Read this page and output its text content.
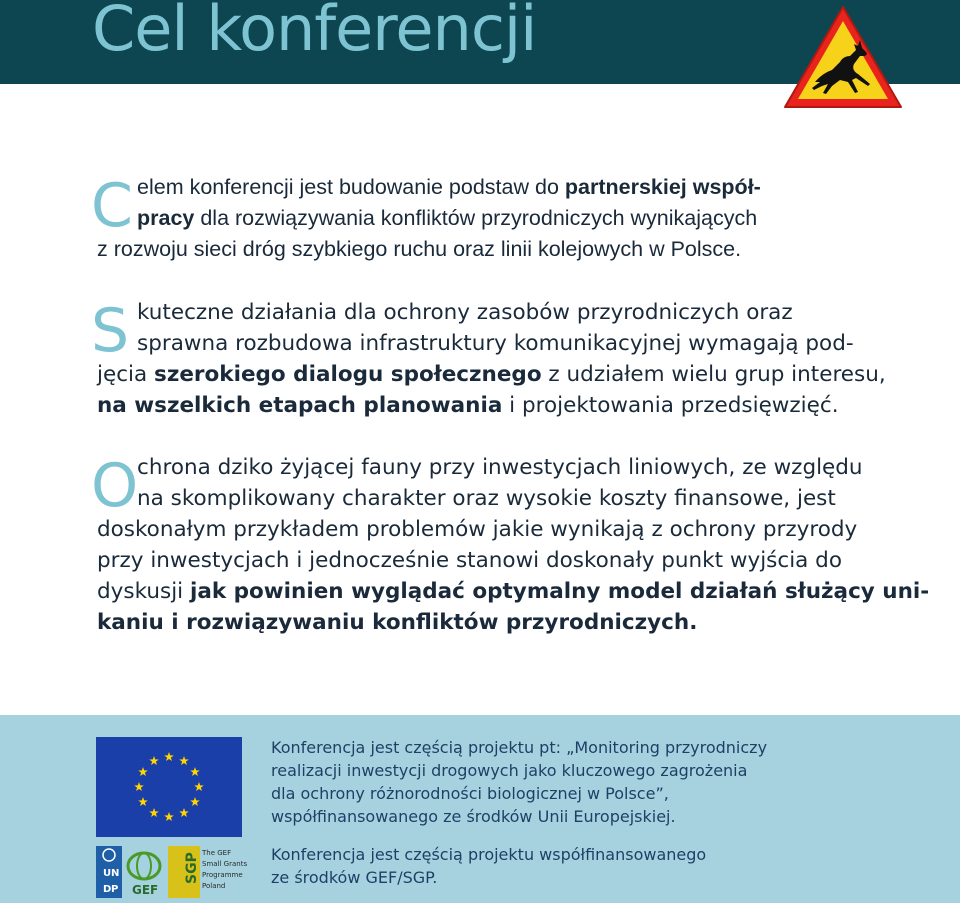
Cel konferencji
C elem konferencji jest budowanie podstaw do partnerskiej współ-
pracy dla rozwiązywania konfliktów przyrodniczych wynikających
z rozwoju sieci dróg szybkiego ruchu oraz linii kolejowych w Polsce.
S kuteczne działania dla ochrony zasobów przyrodniczych oraz
sprawna rozbudowa infrastruktury komunikacyjnej wymagają pod-
jęcia szerokiego dialogu społecznego z udziałem wielu grup interesu,
na wszelkich etapach planowania i projektowania przedsięwzięć.
O
chrona dziko żyjącej fauny przy inwestycjach liniowych, ze względu
na skomplikowany charakter oraz wysokie koszty finansowe, jest
doskonałym przykładem problemów jakie wynikają z ochrony przyrody
przy inwestycjach i jednocześnie stanowi doskonały punkt wyjścia do
dyskusji jak powinien wyglądać optymalny model działań służący uni-
kaniu i rozwiązywaniu konfliktów przyrodniczych.
U N
D P GEF
SGP The GEF
Small Grants
Programme
Poland

Konferencja jest częścią projektu pt: „Monitoring przyrodniczy
realizacji inwestycji drogowych jako kluczowego zagrożenia
dla ochrony różnorodności biologicznej w Polsce”,
współfinansowanego ze środków Unii Europejskiej.

Konferencja jest częścią projektu współfinansowanego
ze środków GEF/SGP.
